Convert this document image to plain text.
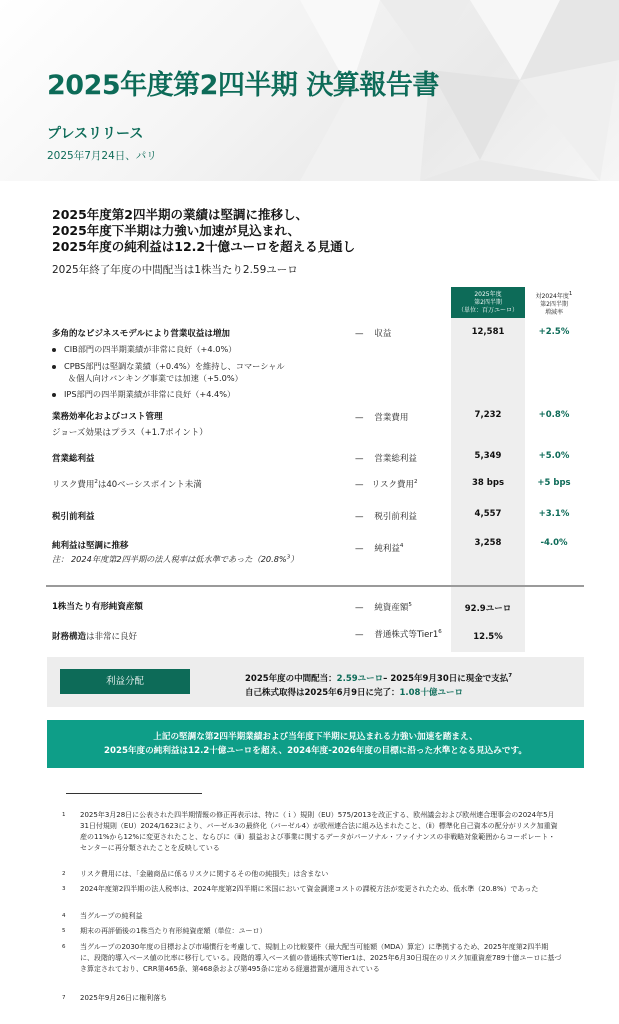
2025年度第2四半期 決算報告書
プレスリリース
2025年7月24日、パリ
2025年度第2四半期の業績は堅調に推移し、
2025年度下半期は力強い加速が見込まれ、
2025年度の純利益は12.2十億ユーロを超える見通し
2025年終了年度の中間配当は1株当たり2.59ユーロ
2025年度
第2四半期
（単位：百万ユーロ）
対2024年度$^1$
第2四半期
増減率
多角的なビジネスモデルにより営業収益は増加	— 収益	12,581	+2.5%
CIB部門の四半期業績が非常に良好（+4.0%）
CPBS部門は堅調な業績（+0.4%）を維持し、コマーシャル
＆個人向けバンキング事業では加速（+5.0%）
IPS部門の四半期業績が非常に良好（+4.4%）
業務効率化およびコスト管理
ジョーズ効果はプラス（+1.7ポイント）
— 営業費用	7,232	+0.8%
営業総利益	— 営業総利益	5,349	+5.0%
リスク費用$^2$は40ベーシスポイント未満	— リスク費用$^2$	38 bps	+5 bps
税引前利益	— 税引前利益	4,557	+3.1%
純利益は堅調に推移
注： 2024年度第2四半期の法人税率は低水準であった（20.8%$^3$）
— 純利益$^4$	3,258	-4.0%
1株当たり有形純資産額	— 純資産額$^5$	92.9ユーロ
財務構造は非常に良好	— 普通株式等$Tier1^6$	12.5%
利益分配	2025年度の中間配当：2.59ユーロ– 2025年9月30日に現金で支払$^7$
自己株式取得は2025年6月9日に完了：1.08十億ユーロ
上記の堅調な第2四半期業績および当年度下半期に見込まれる力強い加速を踏まえ、
2025年度の純利益は12.2十億ユーロを超え、2024年度-2026年度の目標に沿った水準となる見込みです。
1 2025年3月28日に公表された四半期情報の修正再表示は、特に（ｉ）規則（EU）575/2013を改正する、欧州議会および欧州連合理事会の2024年5月31日付規則（EU）2024/1623により、バーゼル3の最終化（バーゼル4）が欧州連合法に組み込まれたこと、（ⅱ）標準化自己資本の配分がリスク加重資産の11%から12%に変更されたこと、ならびに（ⅲ）損益および事業に関するデータがパーソナル・ファイナンスの非戦略対象範囲からコーポレート・センターに再分類されたことを反映している
2 リスク費用には、「金融商品に係るリスクに関するその他の純損失」は含まない
3 2024年度第2四半期の法人税率は、2024年度第2四半期に米国において資金調達コストの課税方法が変更されたため、低水準（20.8%）であった
4 当グループの純利益
5 期末の再評価後の1株当たり有形純資産額（単位：ユーロ）
6 当グループの2030年度の目標および市場慣行を考慮して、規制上の比較要件（最大配当可能額（MDA）算定）に準拠するため、2025年度第2四半期に、段階的導入ベース値の比率に移行している。段階的導入ベース値の普通株式等Tier1は、2025年6月30日現在のリスク加重資産789十億ユーロに基づき算定されており、CRR第465条、第468条および第495条に定める経過措置が適用されている
7 2025年9月26日に権利落ち
